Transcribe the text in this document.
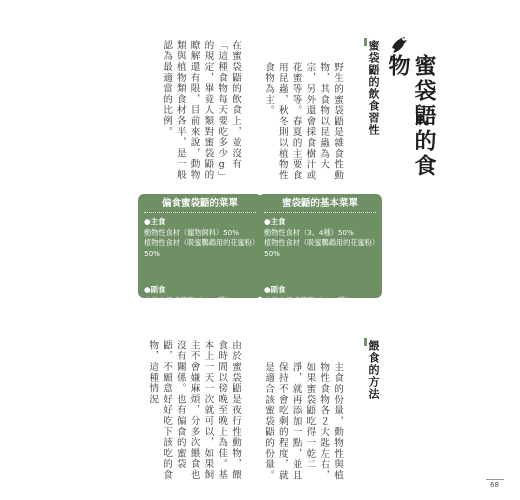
蜜袋鼯的食物
蜜袋鼯的飲食習性
野生的蜜袋鼯是雜食性動物，其食物以昆蟲為大宗，另外還會採食樹汁或花蜜等等。春夏的主要食用昆蟲，秋冬則以植物性食物為主。
餵食的方法
主食的份量，動物性與植物性食物各２大匙左右，如果蜜袋鼯吃得一乾二淨，就再添加一點，並且保持不會吃剩的程度，就是適合該蜜袋鼯的份量。
蜜袋鼯的基本菜單
●主食
動物性食材（3、4種）50%
植物性食材（吸蜜鸚鵡用的花蜜粉）50%
●副食
少許水果或蔬菜（3、4種）
偏食蜜袋鼯的菜單
●主食
動物性食材（寵物飼料）50%
植物性食材（吸蜜鸚鵡用的花蜜粉）50%
●副食
少許水果或蔬菜（3、4種）
在蜜袋鼯的飲食上，並沒有「這種食物每天要吃多少g」的規定，畢竟人類對蜜袋鼯的瞭解還有限，目前來說，動物類與植物類食材各半，是一般認為最適當的比例。
由於蜜袋鼯是夜行性動物，餵食時間以傍晚至晚上為佳。基本上一天一次就可以，如果飼主不會嫌麻煩，分多次餵食也沒有關係。也有偏食的蜜袋鼯，不願意好好吃下該吃的食物，這種情況
68
